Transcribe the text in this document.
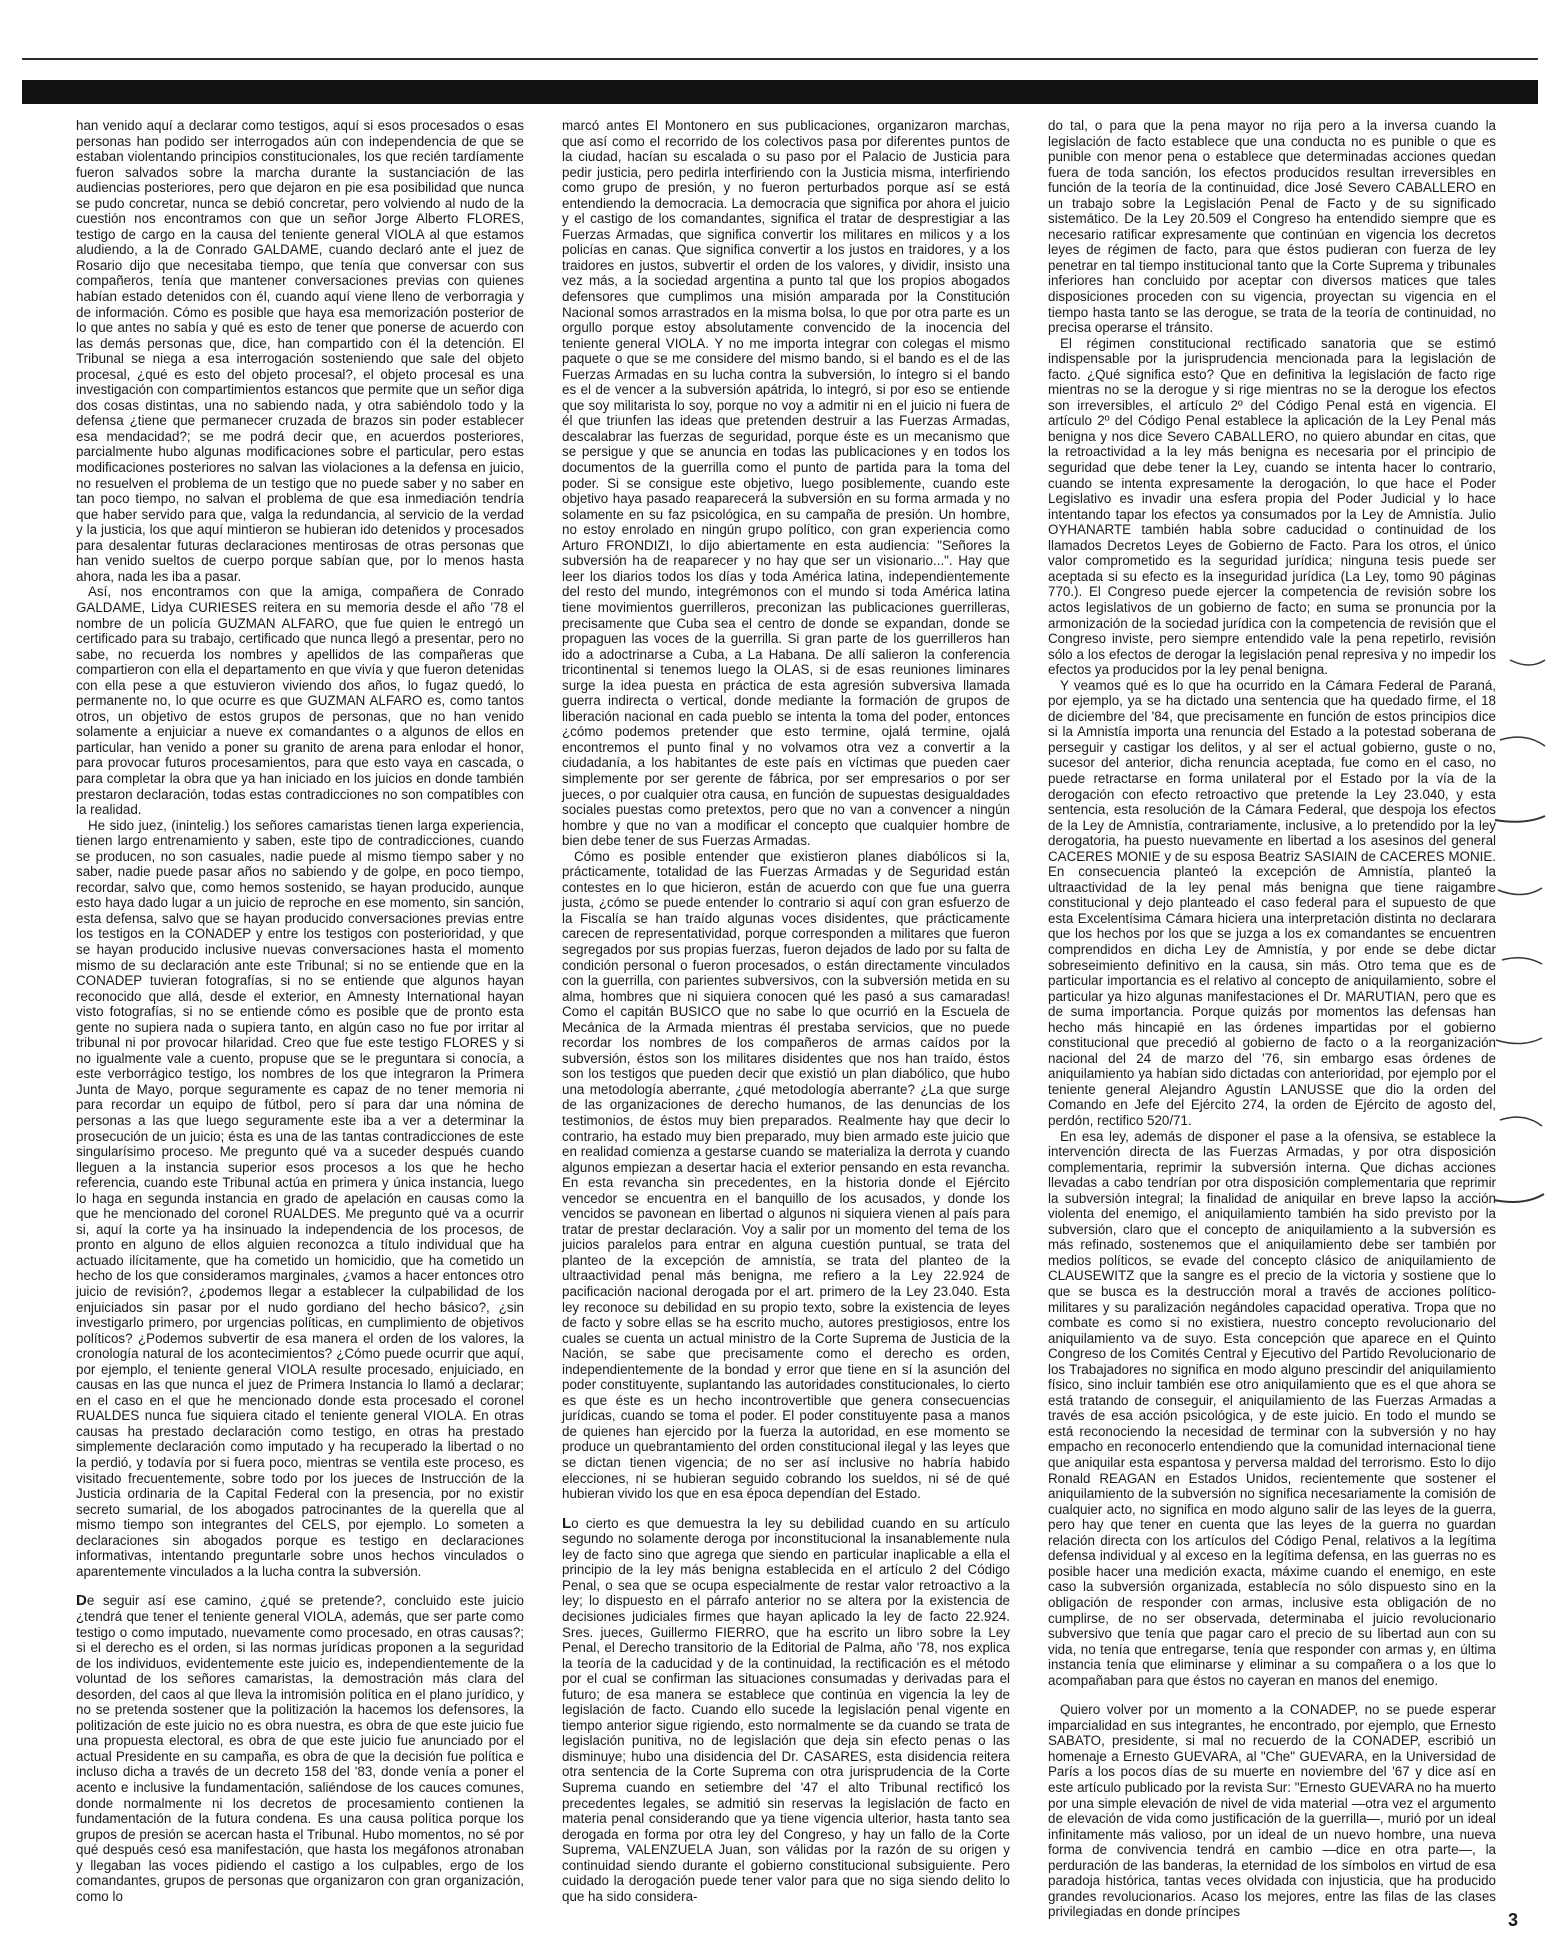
han venido aquí a declarar como testigos, aquí si esos procesados o esas personas han podido ser interrogados aún con independencia de que se estaban violentando principios constitucionales, los que recién tardíamente fueron salvados sobre la marcha durante la sustanciación de las audiencias posteriores, pero que dejaron en pie esa posibilidad que nunca se pudo concretar, nunca se debió concretar, pero volviendo al nudo de la cuestión nos encontramos con que un señor Jorge Alberto FLORES, testigo de cargo en la causa del teniente general VIOLA al que estamos aludiendo, a la de Conrado GALDAME, cuando declaró ante el juez de Rosario dijo que necesitaba tiempo, que tenía que conversar con sus compañeros, tenía que mantener conversaciones previas con quienes habían estado detenidos con él, cuando aquí viene lleno de verborragia y de información. Cómo es posible que haya esa memorización posterior de lo que antes no sabía y qué es esto de tener que ponerse de acuerdo con las demás personas que, dice, han compartido con él la detención. El Tribunal se niega a esa interrogación sosteniendo que sale del objeto procesal, ¿qué es esto del objeto procesal?, el objeto procesal es una investigación con compartimientos estancos que permite que un señor diga dos cosas distintas, una no sabiendo nada, y otra sabiéndolo todo y la defensa ¿tiene que permanecer cruzada de brazos sin poder establecer esa mendacidad?; se me podrá decir que, en acuerdos posteriores, parcialmente hubo algunas modificaciones sobre el particular, pero estas modificaciones posteriores no salvan las violaciones a la defensa en juicio, no resuelven el problema de un testigo que no puede saber y no saber en tan poco tiempo, no salvan el problema de que esa inmediación tendría que haber servido para que, valga la redundancia, al servicio de la verdad y la justicia, los que aquí mintieron se hubieran ido detenidos y procesados para desalentar futuras declaraciones mentirosas de otras personas que han venido sueltos de cuerpo porque sabían que, por lo menos hasta ahora, nada les iba a pasar.

Así, nos encontramos con que la amiga, compañera de Conrado GALDAME, Lidya CURIESES reitera en su memoria desde el año '78 el nombre de un policía GUZMAN ALFARO, que fue quien le entregó un certificado para su trabajo, certificado que nunca llegó a presentar, pero no sabe, no recuerda los nombres y apellidos de las compañeras que compartieron con ella el departamento en que vivía y que fueron detenidas con ella pese a que estuvieron viviendo dos años, lo fugaz quedó, lo permanente no, lo que ocurre es que GUZMAN ALFARO es, como tantos otros, un objetivo de estos grupos de personas, que no han venido solamente a enjuiciar a nueve ex comandantes o a algunos de ellos en particular, han venido a poner su granito de arena para enlodar el honor, para provocar futuros procesamientos, para que esto vaya en cascada, o para completar la obra que ya han iniciado en los juicios en donde también prestaron declaración, todas estas contradicciones no son compatibles con la realidad.

He sido juez, (inintelig.) los señores camaristas tienen larga experiencia, tienen largo entrenamiento y saben, este tipo de contradicciones, cuando se producen, no son casuales, nadie puede al mismo tiempo saber y no saber, nadie puede pasar años no sabiendo y de golpe, en poco tiempo, recordar, salvo que, como hemos sostenido, se hayan producido, aunque esto haya dado lugar a un juicio de reproche en ese momento, sin sanción, esta defensa, salvo que se hayan producido conversaciones previas entre los testigos en la CONADEP y entre los testigos con posterioridad, y que se hayan producido inclusive nuevas conversaciones hasta el momento mismo de su declaración ante este Tribunal; si no se entiende que en la CONADEP tuvieran fotografías, si no se entiende que algunos hayan reconocido que allá, desde el exterior, en Amnesty International hayan visto fotografías, si no se entiende cómo es posible que de pronto esta gente no supiera nada o supiera tanto, en algún caso no fue por irritar al tribunal ni por provocar hilaridad. Creo que fue este testigo FLORES y si no igualmente vale a cuento, propuse que se le preguntara si conocía, a este verborrágico testigo, los nombres de los que integraron la Primera Junta de Mayo, porque seguramente es capaz de no tener memoria ni para recordar un equipo de fútbol, pero sí para dar una nómina de personas a las que luego seguramente este iba a ver a determinar la prosecución de un juicio; ésta es una de las tantas contradicciones de este singularísimo proceso. Me pregunto qué va a suceder después cuando lleguen a la instancia superior esos procesos a los que he hecho referencia, cuando este Tribunal actúa en primera y única instancia, luego lo haga en segunda instancia en grado de apelación en causas como la que he mencionado del coronel RUALDES. Me pregunto qué va a ocurrir si, aquí la corte ya ha insinuado la independencia de los procesos, de pronto en alguno de ellos alguien reconozca a título individual que ha actuado ilícitamente, que ha cometido un homicidio, que ha cometido un hecho de los que consideramos marginales, ¿vamos a hacer entonces otro juicio de revisión?, ¿podemos llegar a establecer la culpabilidad de los enjuiciados sin pasar por el nudo gordiano del hecho básico?, ¿sin investigarlo primero, por urgencias políticas, en cumplimiento de objetivos políticos? ¿Podemos subvertir de esa manera el orden de los valores, la cronología natural de los acontecimientos? ¿Cómo puede ocurrir que aquí, por ejemplo, el teniente general VIOLA resulte procesado, enjuiciado, en causas en las que nunca el juez de Primera Instancia lo llamó a declarar; en el caso en el que he mencionado donde esta procesado el coronel RUALDES nunca fue siquiera citado el teniente general VIOLA. En otras causas ha prestado declaración como testigo, en otras ha prestado simplemente declaración como imputado y ha recuperado la libertad o no la perdió, y todavía por si fuera poco, mientras se ventila este proceso, es visitado frecuentemente, sobre todo por los jueces de Instrucción de la Justicia ordinaria de la Capital Federal con la presencia, por no existir secreto sumarial, de los abogados patrocinantes de la querella que al mismo tiempo son integrantes del CELS, por ejemplo. Lo someten a declaraciones sin abogados porque es testigo en declaraciones informativas, intentando preguntarle sobre unos hechos vinculados o aparentemente vinculados a la lucha contra la subversión.

De seguir así ese camino, ¿qué se pretende?, concluido este juicio ¿tendrá que tener el teniente general VIOLA, además, que ser parte como testigo o como imputado, nuevamente como procesado, en otras causas?; si el derecho es el orden, si las normas jurídicas proponen a la seguridad de los individuos, evidentemente este juicio es, independientemente de la voluntad de los señores camaristas, la demostración más clara del desorden, del caos al que lleva la intromisión política en el plano jurídico, y no se pretenda sostener que la politización la hacemos los defensores, la politización de este juicio no es obra nuestra, es obra de que este juicio fue una propuesta electoral, es obra de que este juicio fue anunciado por el actual Presidente en su campaña, es obra de que la decisión fue política e incluso dicha a través de un decreto 158 del '83, donde venía a poner el acento e inclusive la fundamentación, saliéndose de los cauces comunes, donde normalmente ni los decretos de procesamiento contienen la fundamentación de la futura condena. Es una causa política porque los grupos de presión se acercan hasta el Tribunal. Hubo momentos, no sé por qué después cesó esa manifestación, que hasta los megáfonos atronaban y llegaban las voces pidiendo el castigo a los culpables, ergo de los comandantes, grupos de personas que organizaron con gran organización, como lo

marcó antes El Montonero en sus publicaciones, organizaron marchas, que así como el recorrido de los colectivos pasa por diferentes puntos de la ciudad, hacían su escalada o su paso por el Palacio de Justicia para pedir justicia, pero pedirla interfiriendo con la Justicia misma, interfiriendo como grupo de presión, y no fueron perturbados porque así se está entendiendo la democracia. La democracia que significa por ahora el juicio y el castigo de los comandantes, significa el tratar de desprestigiar a las Fuerzas Armadas, que significa convertir los militares en milicos y a los policías en canas. Que significa convertir a los justos en traidores, y a los traidores en justos, subvertir el orden de los valores, y dividir, insisto una vez más, a la sociedad argentina a punto tal que los propios abogados defensores que cumplimos una misión amparada por la Constitución Nacional somos arrastrados en la misma bolsa, lo que por otra parte es un orgullo porque estoy absolutamente convencido de la inocencia del teniente general VIOLA. Y no me importa integrar con colegas el mismo paquete o que se me considere del mismo bando, si el bando es el de las Fuerzas Armadas en su lucha contra la subversión, lo íntegro si el bando es el de vencer a la subversión apátrida, lo integró, si por eso se entiende que soy militarista lo soy, porque no voy a admitir ni en el juicio ni fuera de él que triunfen las ideas que pretenden destruir a las Fuerzas Armadas, descalabrar las fuerzas de seguridad, porque éste es un mecanismo que se persigue y que se anuncia en todas las publicaciones y en todos los documentos de la guerrilla como el punto de partida para la toma del poder. Si se consigue este objetivo, luego posiblemente, cuando este objetivo haya pasado reaparecerá la subversión en su forma armada y no solamente en su faz psicológica, en su campaña de presión. Un hombre, no estoy enrolado en ningún grupo político, con gran experiencia como Arturo FRONDIZI, lo dijo abiertamente en esta audiencia: "Señores la subversión ha de reaparecer y no hay que ser un visionario...". Hay que leer los diarios todos los días y toda América latina, independientemente del resto del mundo, integrémonos con el mundo si toda América latina tiene movimientos guerrilleros, preconizan las publicaciones guerrilleras, precisamente que Cuba sea el centro de donde se expandan, donde se propaguen las voces de la guerrilla. Si gran parte de los guerrilleros han ido a adoctrinarse a Cuba, a La Habana. De allí salieron la conferencia tricontinental si tenemos luego la OLAS, si de esas reuniones liminares surge la idea puesta en práctica de esta agresión subversiva llamada guerra indirecta o vertical, donde mediante la formación de grupos de liberación nacional en cada pueblo se intenta la toma del poder, entonces ¿cómo podemos pretender que esto termine, ojalá termine, ojalá encontremos el punto final y no volvamos otra vez a convertir a la ciudadanía, a los habitantes de este país en víctimas que pueden caer simplemente por ser gerente de fábrica, por ser empresarios o por ser jueces, o por cualquier otra causa, en función de supuestas desigualdades sociales puestas como pretextos, pero que no van a convencer a ningún hombre y que no van a modificar el concepto que cualquier hombre de bien debe tener de sus Fuerzas Armadas.

Cómo es posible entender que existieron planes diabólicos si la, prácticamente, totalidad de las Fuerzas Armadas y de Seguridad están contestes en lo que hicieron, están de acuerdo con que fue una guerra justa, ¿cómo se puede entender lo contrario si aquí con gran esfuerzo de la Fiscalía se han traído algunas voces disidentes, que prácticamente carecen de representatividad, porque corresponden a militares que fueron segregados por sus propias fuerzas, fueron dejados de lado por su falta de condición personal o fueron procesados, o están directamente vinculados con la guerrilla, con parientes subversivos, con la subversión metida en su alma, hombres que ni siquiera conocen qué les pasó a sus camaradas! Como el capitán BUSICO que no sabe lo que ocurrió en la Escuela de Mecánica de la Armada mientras él prestaba servicios, que no puede recordar los nombres de los compañeros de armas caídos por la subversión, éstos son los militares disidentes que nos han traído, éstos son los testigos que pueden decir que existió un plan diabólico, que hubo una metodología aberrante, ¿qué metodología aberrante? ¿La que surge de las organizaciones de derecho humanos, de las denuncias de los testimonios, de éstos muy bien preparados. Realmente hay que decir lo contrario, ha estado muy bien preparado, muy bien armado este juicio que en realidad comienza a gestarse cuando se materializa la derrota y cuando algunos empiezan a desertar hacia el exterior pensando en esta revancha. En esta revancha sin precedentes, en la historia donde el Ejército vencedor se encuentra en el banquillo de los acusados, y donde los vencidos se pavonean en libertad o algunos ni siquiera vienen al país para tratar de prestar declaración. Voy a salir por un momento del tema de los juicios paralelos para entrar en alguna cuestión puntual, se trata del planteo de la excepción de amnistía, se trata del planteo de la ultraactividad penal más benigna, me refiero a la Ley 22.924 de pacificación nacional derogada por el art. primero de la Ley 23.040. Esta ley reconoce su debilidad en su propio texto, sobre la existencia de leyes de facto y sobre ellas se ha escrito mucho, autores prestigiosos, entre los cuales se cuenta un actual ministro de la Corte Suprema de Justicia de la Nación, se sabe que precisamente como el derecho es orden, independientemente de la bondad y error que tiene en sí la asunción del poder constituyente, suplantando las autoridades constitucionales, lo cierto es que éste es un hecho incontrovertible que genera consecuencias jurídicas, cuando se toma el poder. El poder constituyente pasa a manos de quienes han ejercido por la fuerza la autoridad, en ese momento se produce un quebrantamiento del orden constitucional ilegal y las leyes que se dictan tienen vigencia; de no ser así inclusive no habría habido elecciones, ni se hubieran seguido cobrando los sueldos, ni sé de qué hubieran vivido los que en esa época dependían del Estado.

Lo cierto es que demuestra la ley su debilidad cuando en su artículo segundo no solamente deroga por inconstitucional la insanablemente nula ley de facto sino que agrega que siendo en particular inaplicable a ella el principio de la ley más benigna establecida en el artículo 2 del Código Penal, o sea que se ocupa especialmente de restar valor retroactivo a la ley; lo dispuesto en el párrafo anterior no se altera por la existencia de decisiones judiciales firmes que hayan aplicado la ley de facto 22.924. Sres. jueces, Guillermo FIERRO, que ha escrito un libro sobre la Ley Penal, el Derecho transitorio de la Editorial de Palma, año '78, nos explica la teoría de la caducidad y de la continuidad, la rectificación es el método por el cual se confirman las situaciones consumadas y derivadas para el futuro; de esa manera se establece que continúa en vigencia la ley de legislación de facto. Cuando ello sucede la legislación penal vigente en tiempo anterior sigue rigiendo, esto normalmente se da cuando se trata de legislación punitiva, no de legislación que deja sin efecto penas o las disminuye; hubo una disidencia del Dr. CASARES, esta disidencia reitera otra sentencia de la Corte Suprema con otra jurisprudencia de la Corte Suprema cuando en setiembre del '47 el alto Tribunal rectificó los precedentes legales, se admitió sin reservas la legislación de facto en materia penal considerando que ya tiene vigencia ulterior, hasta tanto sea derogada en forma por otra ley del Congreso, y hay un fallo de la Corte Suprema, VALENZUELA Juan, son válidas por la razón de su origen y continuidad siendo durante el gobierno constitucional subsiguiente. Pero cuidado la derogación puede tener valor para que no siga siendo delito lo que ha sido considera-

do tal, o para que la pena mayor no rija pero a la inversa cuando la legislación de facto establece que una conducta no es punible o que es punible con menor pena o establece que determinadas acciones quedan fuera de toda sanción, los efectos producidos resultan irreversibles en función de la teoría de la continuidad, dice José Severo CABALLERO en un trabajo sobre la Legislación Penal de Facto y de su significado sistemático. De la Ley 20.509 el Congreso ha entendido siempre que es necesario ratificar expresamente que continúan en vigencia los decretos leyes de régimen de facto, para que éstos pudieran con fuerza de ley penetrar en tal tiempo institucional tanto que la Corte Suprema y tribunales inferiores han concluido por aceptar con diversos matices que tales disposiciones proceden con su vigencia, proyectan su vigencia en el tiempo hasta tanto se las derogue, se trata de la teoría de continuidad, no precisa operarse el tránsito.

El régimen constitucional rectificado sanatoria que se estimó indispensable por la jurisprudencia mencionada para la legislación de facto. ¿Qué significa esto? Que en definitiva la legislación de facto rige mientras no se la derogue y si rige mientras no se la derogue los efectos son irreversibles, el artículo 2º del Código Penal está en vigencia. El artículo 2º del Código Penal establece la aplicación de la Ley Penal más benigna y nos dice Severo CABALLERO, no quiero abundar en citas, que la retroactividad a la ley más benigna es necesaria por el principio de seguridad que debe tener la Ley, cuando se intenta hacer lo contrario, cuando se intenta expresamente la derogación, lo que hace el Poder Legislativo es invadir una esfera propia del Poder Judicial y lo hace intentando tapar los efectos ya consumados por la Ley de Amnistía. Julio OYHANARTE también habla sobre caducidad o continuidad de los llamados Decretos Leyes de Gobierno de Facto. Para los otros, el único valor comprometido es la seguridad jurídica; ninguna tesis puede ser aceptada si su efecto es la inseguridad jurídica (La Ley, tomo 90 páginas 770.). El Congreso puede ejercer la competencia de revisión sobre los actos legislativos de un gobierno de facto; en suma se pronuncia por la armonización de la sociedad jurídica con la competencia de revisión que el Congreso inviste, pero siempre entendido vale la pena repetirlo, revisión sólo a los efectos de derogar la legislación penal represiva y no impedir los efectos ya producidos por la ley penal benigna.

Y veamos qué es lo que ha ocurrido en la Cámara Federal de Paraná, por ejemplo, ya se ha dictado una sentencia que ha quedado firme, el 18 de diciembre del '84, que precisamente en función de estos principios dice si la Amnistía importa una renuncia del Estado a la potestad soberana de perseguir y castigar los delitos, y al ser el actual gobierno, guste o no, sucesor del anterior, dicha renuncia aceptada, fue como en el caso, no puede retractarse en forma unilateral por el Estado por la vía de la derogación con efecto retroactivo que pretende la Ley 23.040, y esta sentencia, esta resolución de la Cámara Federal, que despoja los efectos de la Ley de Amnistía, contrariamente, inclusive, a lo pretendido por la ley derogatoria, ha puesto nuevamente en libertad a los asesinos del general CACERES MONIE y de su esposa Beatriz SASIAIN de CACERES MONIE. En consecuencia planteó la excepción de Amnistía, planteó la ultraactividad de la ley penal más benigna que tiene raigambre constitucional y dejo planteado el caso federal para el supuesto de que esta Excelentísima Cámara hiciera una interpretación distinta no declarara que los hechos por los que se juzga a los ex comandantes se encuentren comprendidos en dicha Ley de Amnistía, y por ende se debe dictar sobreseimiento definitivo en la causa, sin más. Otro tema que es de particular importancia es el relativo al concepto de aniquilamiento, sobre el particular ya hizo algunas manifestaciones el Dr. MARUTIAN, pero que es de suma importancia. Porque quizás por momentos las defensas han hecho más hincapié en las órdenes impartidas por el gobierno constitucional que precedió al gobierno de facto o a la reorganización nacional del 24 de marzo del '76, sin embargo esas órdenes de aniquilamiento ya habían sido dictadas con anterioridad, por ejemplo por el teniente general Alejandro Agustín LANUSSE que dio la orden del Comando en Jefe del Ejército 274, la orden de Ejército de agosto del, perdón, rectifico 520/71.

En esa ley, además de disponer el pase a la ofensiva, se establece la intervención directa de las Fuerzas Armadas, y por otra disposición complementaria, reprimir la subversión interna. Que dichas acciones llevadas a cabo tendrían por otra disposición complementaria que reprimir la subversión integral; la finalidad de aniquilar en breve lapso la acción violenta del enemigo, el aniquilamiento también ha sido previsto por la subversión, claro que el concepto de aniquilamiento a la subversión es más refinado, sostenemos que el aniquilamiento debe ser también por medios políticos, se evade del concepto clásico de aniquilamiento de CLAUSEWITZ que la sangre es el precio de la victoria y sostiene que lo que se busca es la destrucción moral a través de acciones político-militares y su paralización negándoles capacidad operativa. Tropa que no combate es como si no existiera, nuestro concepto revolucionario del aniquilamiento va de suyo. Esta concepción que aparece en el Quinto Congreso de los Comités Central y Ejecutivo del Partido Revolucionario de los Trabajadores no significa en modo alguno prescindir del aniquilamiento físico, sino incluir también ese otro aniquilamiento que es el que ahora se está tratando de conseguir, el aniquilamiento de las Fuerzas Armadas a través de esa acción psicológica, y de este juicio. En todo el mundo se está reconociendo la necesidad de terminar con la subversión y no hay empacho en reconocerlo entendiendo que la comunidad internacional tiene que aniquilar esta espantosa y perversa maldad del terrorismo. Esto lo dijo Ronald REAGAN en Estados Unidos, recientemente que sostener el aniquilamiento de la subversión no significa necesariamente la comisión de cualquier acto, no significa en modo alguno salir de las leyes de la guerra, pero hay que tener en cuenta que las leyes de la guerra no guardan relación directa con los artículos del Código Penal, relativos a la legítima defensa individual y al exceso en la legítima defensa, en las guerras no es posible hacer una medición exacta, máxime cuando el enemigo, en este caso la subversión organizada, establecía no sólo dispuesto sino en la obligación de responder con armas, inclusive esta obligación de no cumplirse, de no ser observada, determinaba el juicio revolucionario subversivo que tenía que pagar caro el precio de su libertad aun con su vida, no tenía que entregarse, tenía que responder con armas y, en última instancia tenía que eliminarse y eliminar a su compañera o a los que lo acompañaban para que éstos no cayeran en manos del enemigo.

Quiero volver por un momento a la CONADEP, no se puede esperar imparcialidad en sus integrantes, he encontrado, por ejemplo, que Ernesto SABATO, presidente, si mal no recuerdo de la CONADEP, escribió un homenaje a Ernesto GUEVARA, al "Che" GUEVARA, en la Universidad de París a los pocos días de su muerte en noviembre del '67 y dice así en este artículo publicado por la revista Sur: "Ernesto GUEVARA no ha muerto por una simple elevación de nivel de vida material —otra vez el argumento de elevación de vida como justificación de la guerrilla—, murió por un ideal infinitamente más valioso, por un ideal de un nuevo hombre, una nueva forma de convivencia tendrá en cambio —dice en otra parte—, la perduración de las banderas, la eternidad de los símbolos en virtud de esa paradoja histórica, tantas veces olvidada con injusticia, que ha producido grandes revolucionarios. Acaso los mejores, entre las filas de las clases privilegiadas en donde príncipes	3
